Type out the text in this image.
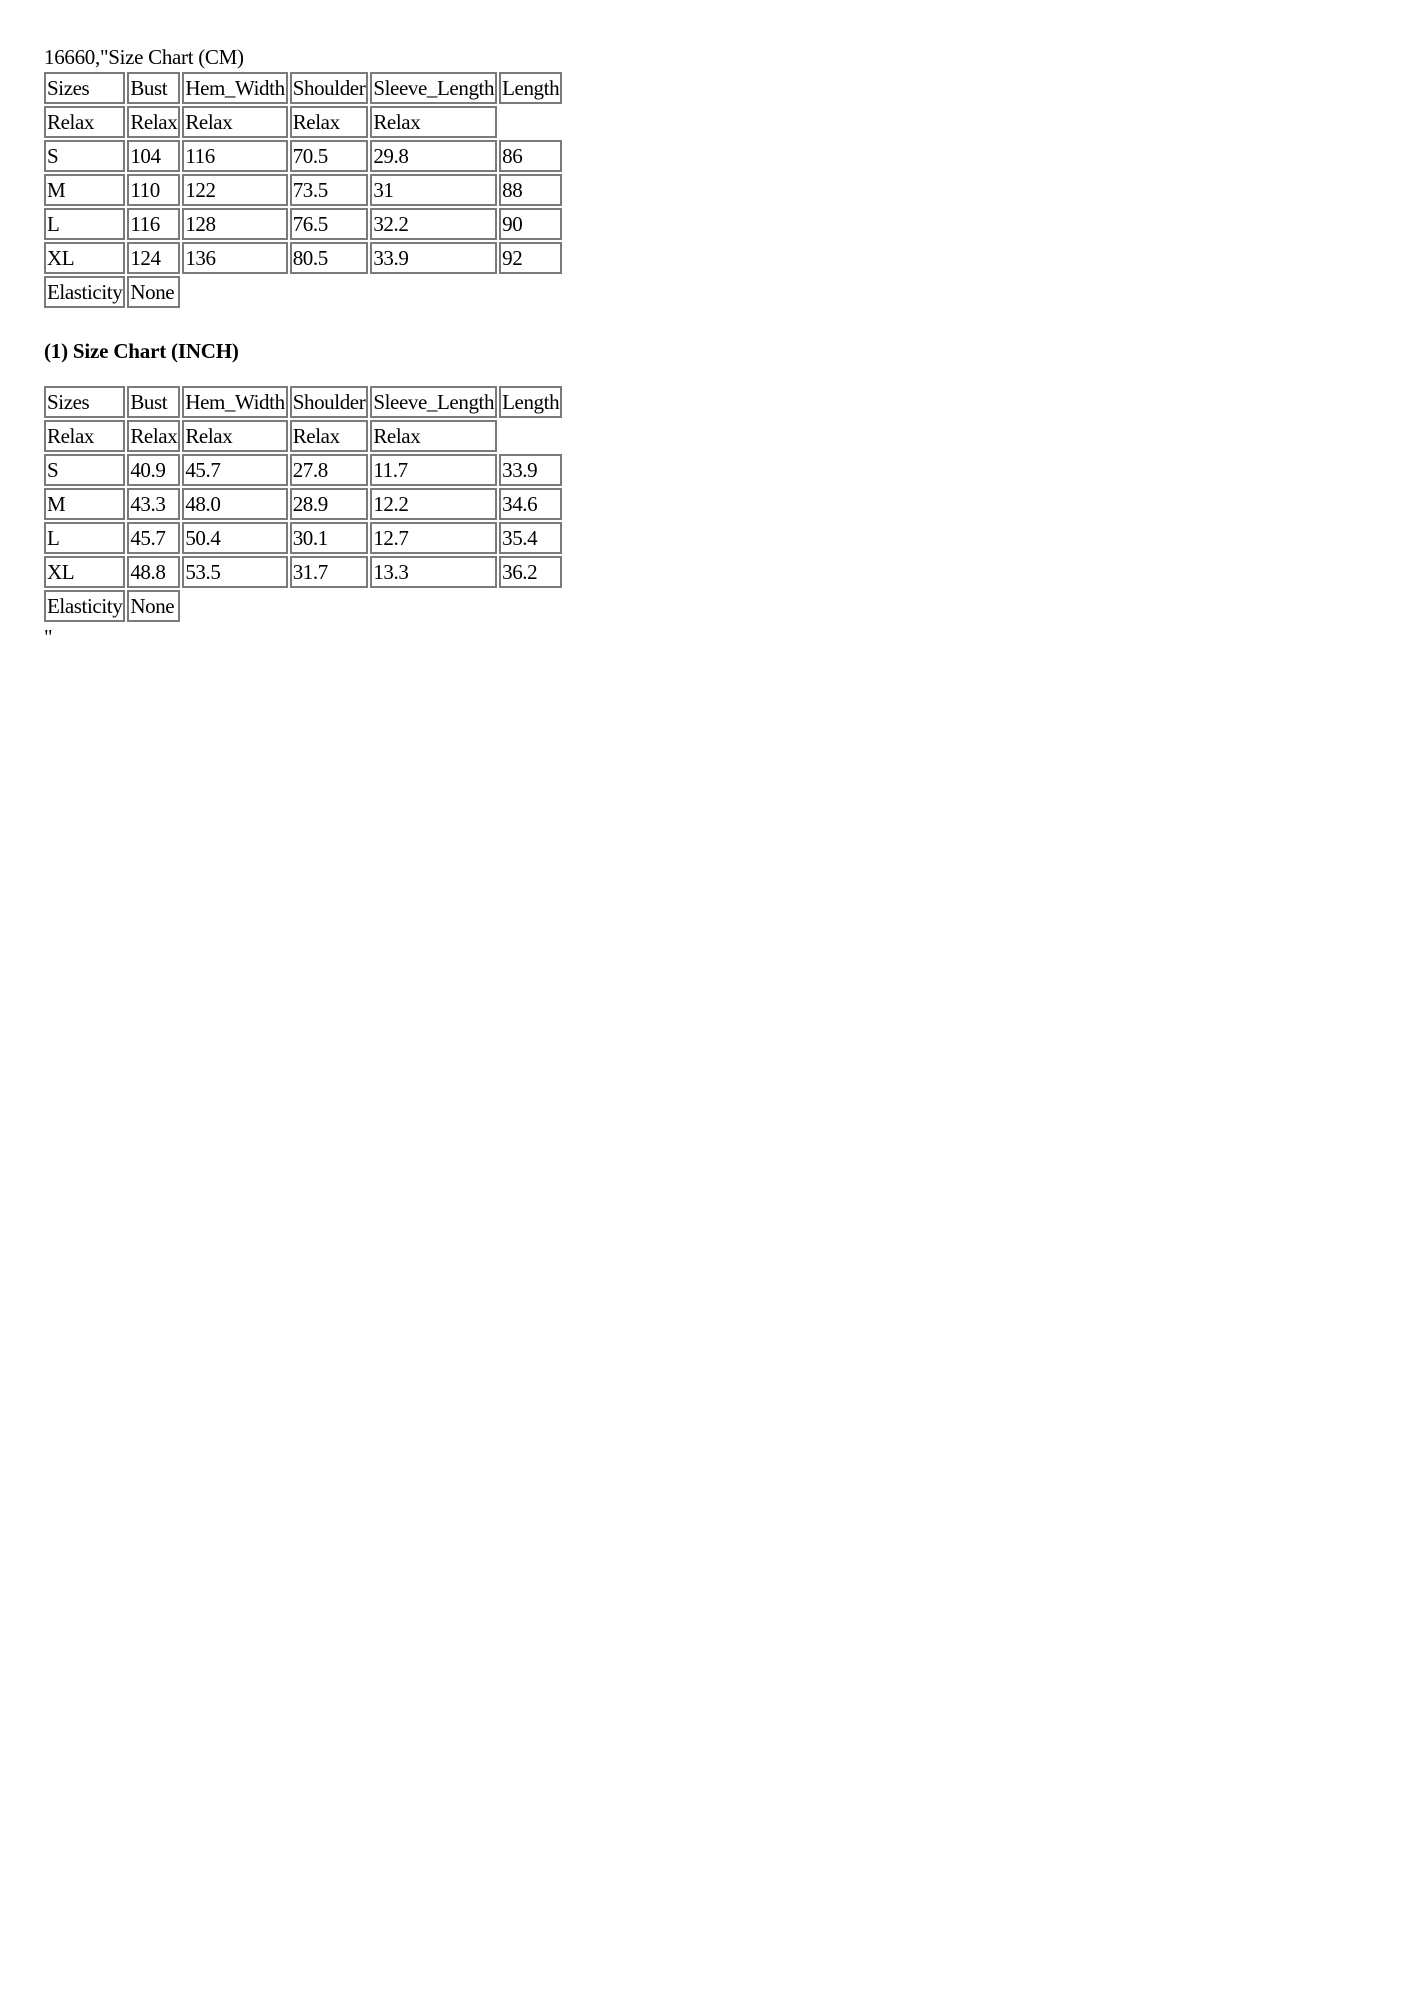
16660,"Size Chart (CM)
Sizes	Bust	Hem_Width	Shoulder	Sleeve_Length	Length
Relax	Relax	Relax	Relax	Relax	
S	104	116	70.5	29.8	86
M	110	122	73.5	31	88
L	116	128	76.5	32.2	90
XL	124	136	80.5	33.9	92
Elasticity	None				
(1) Size Chart (INCH)
Sizes	Bust	Hem_Width	Shoulder	Sleeve_Length	Length
Relax	Relax	Relax	Relax	Relax	
S	40.9	45.7	27.8	11.7	33.9
M	43.3	48.0	28.9	12.2	34.6
L	45.7	50.4	30.1	12.7	35.4
XL	48.8	53.5	31.7	13.3	36.2
Elasticity	None				
"
